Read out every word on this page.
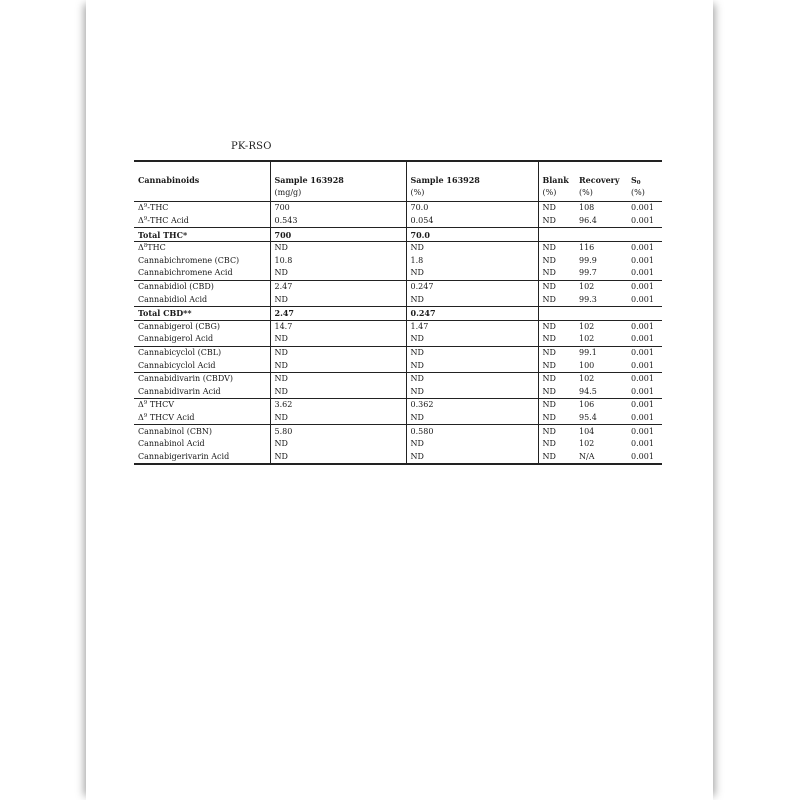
PK-RSO
Cannabinoids	Sample 163928	Sample 163928	Blank	Recovery	$S_0$
	(mg/g)	(%)	(%)	(%)	(%)
$\Delta^9$-THC	700	70.0	ND	108	0.001
$\Delta^9$-THC Acid	0.543	0.054	ND	96.4	0.001
Total THC*	700	70.0			
$\Delta^8THC$	ND	ND	ND	116	0.001
Cannabichromene (CBC)	10.8	1.8	ND	99.9	0.001
Cannabichromene Acid	ND	ND	ND	99.7	0.001
Cannabidiol (CBD)	2.47	0.247	ND	102	0.001
Cannabidiol Acid	ND	ND	ND	99.3	0.001
Total CBD**	2.47	0.247			
Cannabigerol (CBG)	14.7	1.47	ND	102	0.001
Cannabigerol Acid	ND	ND	ND	102	0.001
Cannabicyclol (CBL)	ND	ND	ND	99.1	0.001
Cannabicyclol Acid	ND	ND	ND	100	0.001
Cannabidivarin (CBDV)	ND	ND	ND	102	0.001
Cannabidivarin Acid	ND	ND	ND	94.5	0.001
$\Delta^9$ THCV	3.62	0.362	ND	106	0.001
$\Delta^9$ THCV Acid	ND	ND	ND	95.4	0.001
Cannabinol (CBN)	5.80	0.580	ND	104	0.001
Cannabinol Acid	ND	ND	ND	102	0.001
Cannabigerivarin Acid	ND	ND	ND	N/A	0.001
